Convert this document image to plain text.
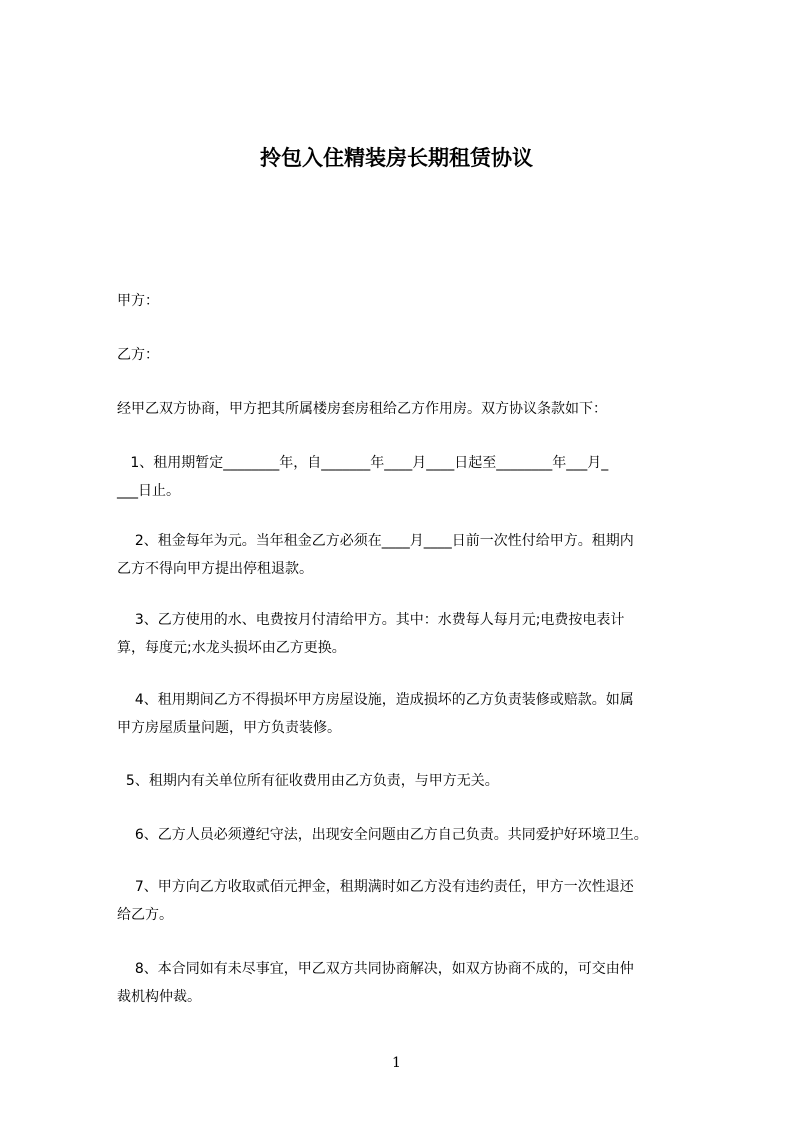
拎包入住精装房长期租赁协议

甲方：

乙方：

经甲乙双方协商，甲方把其所属楼房套房租给乙方作用房。双方协议条款如下：

1、租用期暂定________年，自_______年____月____日起至________年___月_

___日止。

2、租金每年为元。当年租金乙方必须在____月____日前一次性付给甲方。租期内

乙方不得向甲方提出停租退款。

3、乙方使用的水、电费按月付清给甲方。其中：水费每人每月元;电费按电表计

算，每度元;水龙头损坏由乙方更换。

4、租用期间乙方不得损坏甲方房屋设施，造成损坏的乙方负责装修或赔款。如属

甲方房屋质量问题，甲方负责装修。

5、租期内有关单位所有征收费用由乙方负责，与甲方无关。

6、乙方人员必须遵纪守法，出现安全问题由乙方自己负责。共同爱护好环境卫生。

7、甲方向乙方收取贰佰元押金，租期满时如乙方没有违约责任，甲方一次性退还

给乙方。

8、本合同如有未尽事宜，甲乙双方共同协商解决，如双方协商不成的，可交由仲

裁机构仲裁。

1
